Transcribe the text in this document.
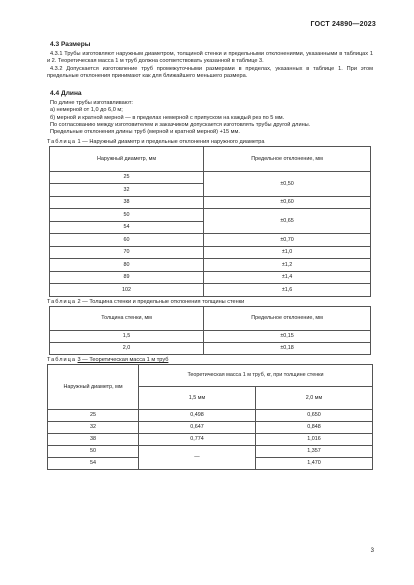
ГОСТ 24890—2023
4.3 Размеры

4.3.1 Трубы изготовляют наружным диаметром, толщиной стенки и предельными отклонениями, указанными в таблицах 1 и 2. Теоретическая масса 1 м труб должна соответствовать указанной в таблице 3.

4.3.2 Допускается изготовление труб промежуточными размерами в пределах, указанных в таблице 1. При этом предельные отклонения принимают как для ближайшего меньшего размера.

4.4 Длина

По длине трубы изготавливают:

а) немерной от 1,0 до 6,0 м;

б) мерной и кратной мерной — в пределах немерной с припуском на каждый рез по 5 мм.

По согласованию между изготовителем и заказчиком допускается изготовлять трубы другой длины.

Предельные отклонения длины труб (мерной и кратной мерной) +15 мм.

Таблица 1 — Наружный диаметр и предельные отклонения наружного диаметра
Наружный диаметр, мм	Предельное отклонение, мм
25	±0,50
32	
38	±0,60
50	±0,65
54	
60	±0,70
70	±1,0
80	±1,2
89	±1,4
102	±1,6
Таблица 2 — Толщина стенки и предельные отклонения толщины стенки
Толщина стенки, мм	Предельное отклонение, мм
1,5	±0,15
2,0	±0,18
Таблица 3 — Теоретическая масса 1 м труб
Наружный диаметр, мм	Теоретическая масса 1 м труб, кг, при толщине стенки	
	1,5 мм	2,0 мм
25	0,498	0,650
32	0,647	0,848
38	0,774	1,016
50	—	1,357
54		1,470
3
